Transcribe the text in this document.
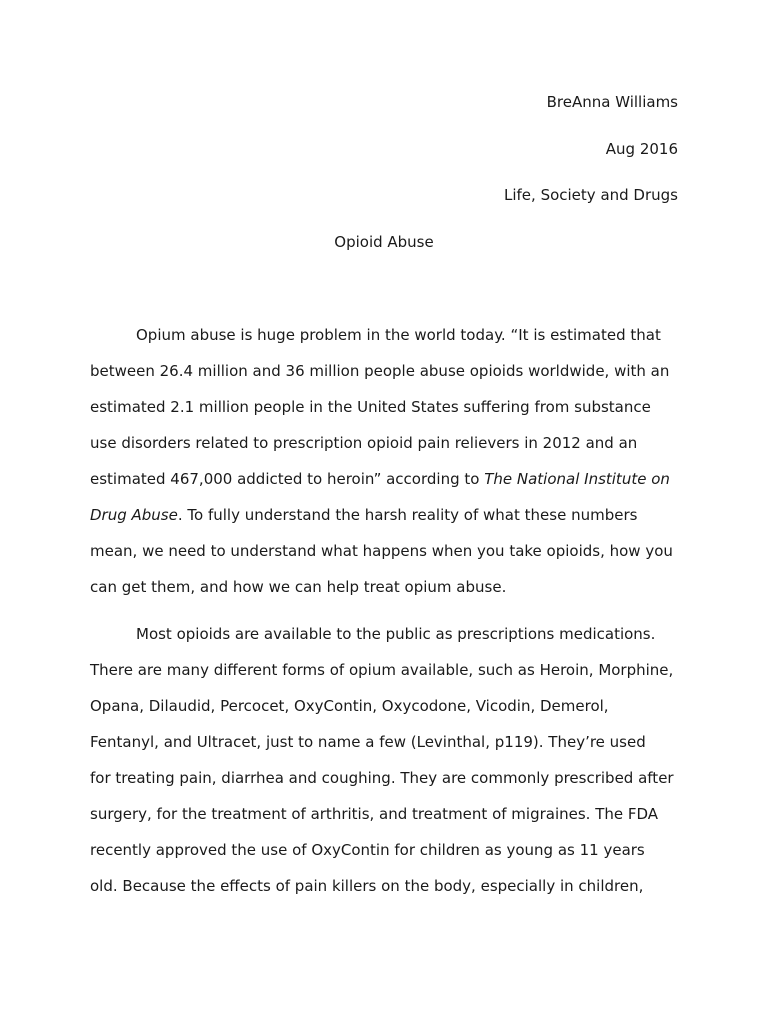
BreAnna Williams
Aug 2016
Life, Society and Drugs
Opioid Abuse
Opium abuse is huge problem in the world today. “It is estimated that
between 26.4 million and 36 million people abuse opioids worldwide, with an
estimated 2.1 million people in the United States suffering from substance
use disorders related to prescription opioid pain relievers in 2012 and an
estimated 467,000 addicted to heroin” according to The National Institute on
Drug Abuse. To fully understand the harsh reality of what these numbers
mean, we need to understand what happens when you take opioids, how you
can get them, and how we can help treat opium abuse.
Most opioids are available to the public as prescriptions medications.
There are many different forms of opium available, such as Heroin, Morphine,
Opana, Dilaudid, Percocet, OxyContin, Oxycodone, Vicodin, Demerol,
Fentanyl, and Ultracet, just to name a few (Levinthal, p119). They’re used
for treating pain, diarrhea and coughing. They are commonly prescribed after
surgery, for the treatment of arthritis, and treatment of migraines. The FDA
recently approved the use of OxyContin for children as young as 11 years
old. Because the effects of pain killers on the body, especially in children,
